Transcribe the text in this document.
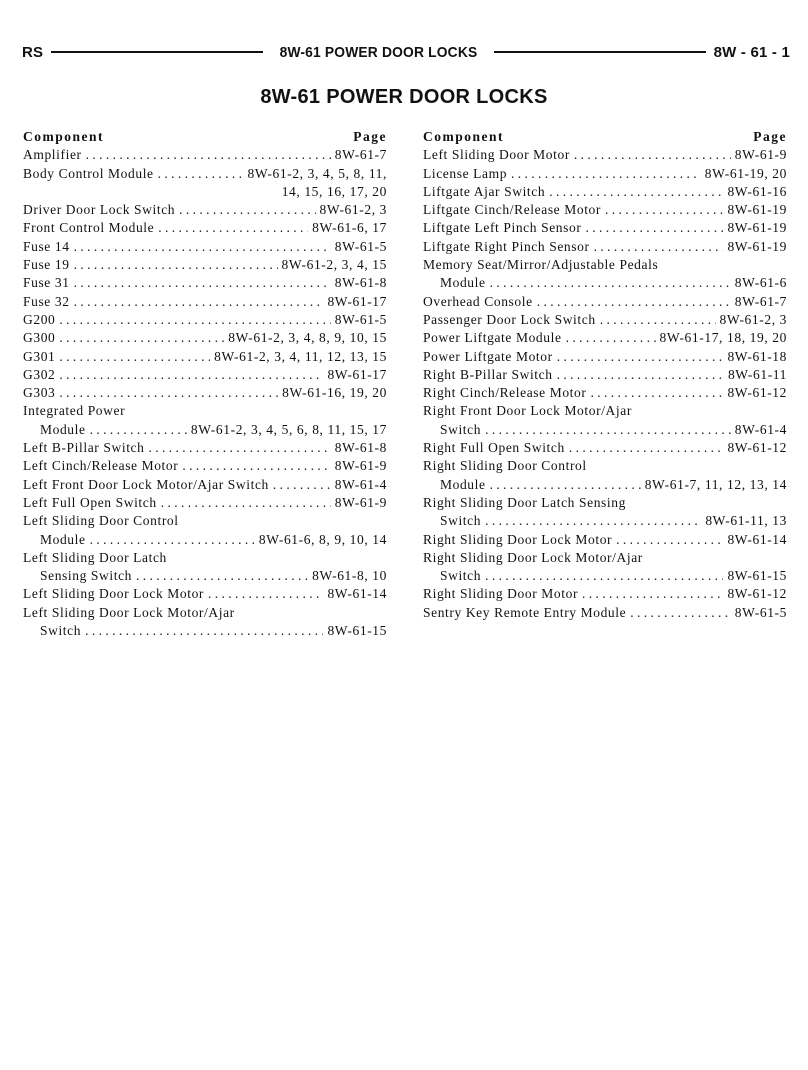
RS	8W-61 POWER DOOR LOCKS	8W - 61 - 1
8W-61 POWER DOOR LOCKS
Component	Page
Amplifier . . .	8W-61-7
Body Control Module . . .	8W-61-2, 3, 4, 5, 8, 11,
14, 15, 16, 17, 20
Driver Door Lock Switch . . .	8W-61-2, 3
Front Control Module . . .	8W-61-6, 17
Fuse 14 . . .	8W-61-5
Fuse 19 . . .	8W-61-2, 3, 4, 15
Fuse 31 . . .	8W-61-8
Fuse 32 . . .	8W-61-17
G200 . . .	8W-61-5
G300 . . .	8W-61-2, 3, 4, 8, 9, 10, 15
G301 . . .	8W-61-2, 3, 4, 11, 12, 13, 15
G302 . . .	8W-61-17
G303 . . .	8W-61-16, 19, 20
Integrated Power
Module . . .	8W-61-2, 3, 4, 5, 6, 8, 11, 15, 17
Left B-Pillar Switch . . .	8W-61-8
Left Cinch/Release Motor . . .	8W-61-9
Left Front Door Lock Motor/Ajar Switch . . .	8W-61-4
Left Full Open Switch . . .	8W-61-9
Left Sliding Door Control
Module . . .	8W-61-6, 8, 9, 10, 14
Left Sliding Door Latch
Sensing Switch . . .	8W-61-8, 10
Left Sliding Door Lock Motor . . .	8W-61-14
Left Sliding Door Lock Motor/Ajar
Switch . . .	8W-61-15
Component	Page
Left Sliding Door Motor . . .	8W-61-9
License Lamp . . .	8W-61-19, 20
Liftgate Ajar Switch . . .	8W-61-16
Liftgate Cinch/Release Motor . . .	8W-61-19
Liftgate Left Pinch Sensor . . .	8W-61-19
Liftgate Right Pinch Sensor . . .	8W-61-19
Memory Seat/Mirror/Adjustable Pedals
Module . . .	8W-61-6
Overhead Console . . .	8W-61-7
Passenger Door Lock Switch . . .	8W-61-2, 3
Power Liftgate Module . . .	8W-61-17, 18, 19, 20
Power Liftgate Motor . . .	8W-61-18
Right B-Pillar Switch . . .	8W-61-11
Right Cinch/Release Motor . . .	8W-61-12
Right Front Door Lock Motor/Ajar
Switch . . .	8W-61-4
Right Full Open Switch . . .	8W-61-12
Right Sliding Door Control
Module . . .	8W-61-7, 11, 12, 13, 14
Right Sliding Door Latch Sensing
Switch . . .	8W-61-11, 13
Right Sliding Door Lock Motor . . .	8W-61-14
Right Sliding Door Lock Motor/Ajar
Switch . . .	8W-61-15
Right Sliding Door Motor . . .	8W-61-12
Sentry Key Remote Entry Module . . .	8W-61-5
